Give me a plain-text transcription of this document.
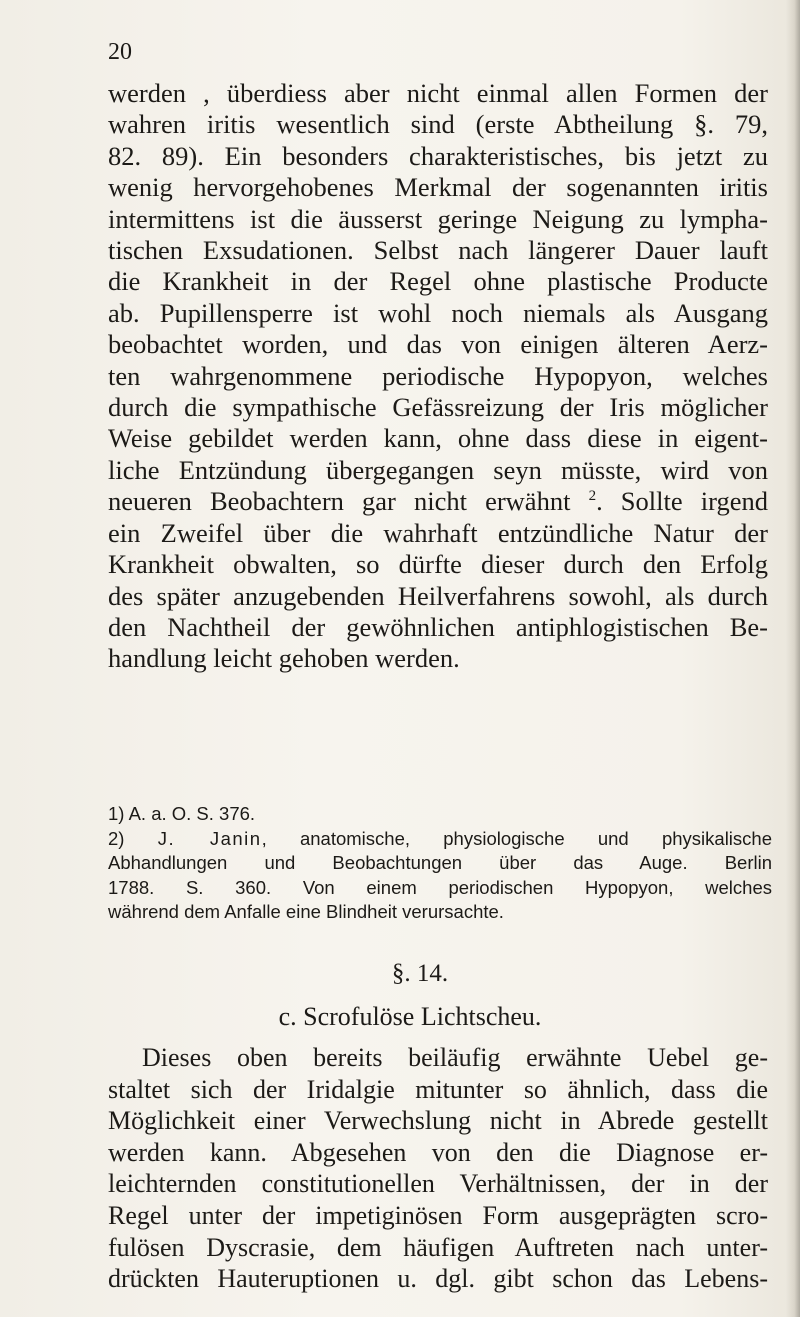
20
werden , überdiess aber nicht einmal allen Formen der
wahren iritis wesentlich sind (erste Abtheilung §. 79,
82. 89). Ein besonders charakteristisches, bis jetzt zu
wenig hervorgehobenes Merkmal der sogenannten iritis
intermittens ist die äusserst geringe Neigung zu lympha-
tischen Exsudationen. Selbst nach längerer Dauer lauft
die Krankheit in der Regel ohne plastische Producte
ab. Pupillensperre ist wohl noch niemals als Ausgang
beobachtet worden, und das von einigen älteren Aerz-
ten wahrgenommene periodische Hypopyon, welches
durch die sympathische Gefässreizung der Iris möglicher
Weise gebildet werden kann, ohne dass diese in eigent-
liche Entzündung übergegangen seyn müsste, wird von
neueren Beobachtern gar nicht erwähnt $^2$. Sollte irgend
ein Zweifel über die wahrhaft entzündliche Natur der
Krankheit obwalten, so dürfte dieser durch den Erfolg
des später anzugebenden Heilverfahrens sowohl, als durch
den Nachtheil der gewöhnlichen antiphlogistischen Be-
handlung leicht gehoben werden.
1) A. a. O. S. 376.
2) J. Janin, anatomische, physiologische und physikalische
Abhandlungen und Beobachtungen über das Auge. Berlin
1788. S. 360. Von einem periodischen Hypopyon, welches
während dem Anfalle eine Blindheit verursachte.
§. 14.
c. Scrofulöse Lichtscheu.
Dieses oben bereits beiläufig erwähnte Uebel ge-
staltet sich der Iridalgie mitunter so ähnlich, dass die
Möglichkeit einer Verwechslung nicht in Abrede gestellt
werden kann. Abgesehen von den die Diagnose er-
leichternden constitutionellen Verhältnissen, der in der
Regel unter der impetiginösen Form ausgeprägten scro-
fulösen Dyscrasie, dem häufigen Auftreten nach unter-
drückten Hauteruptionen u. dgl. gibt schon das Lebens-
